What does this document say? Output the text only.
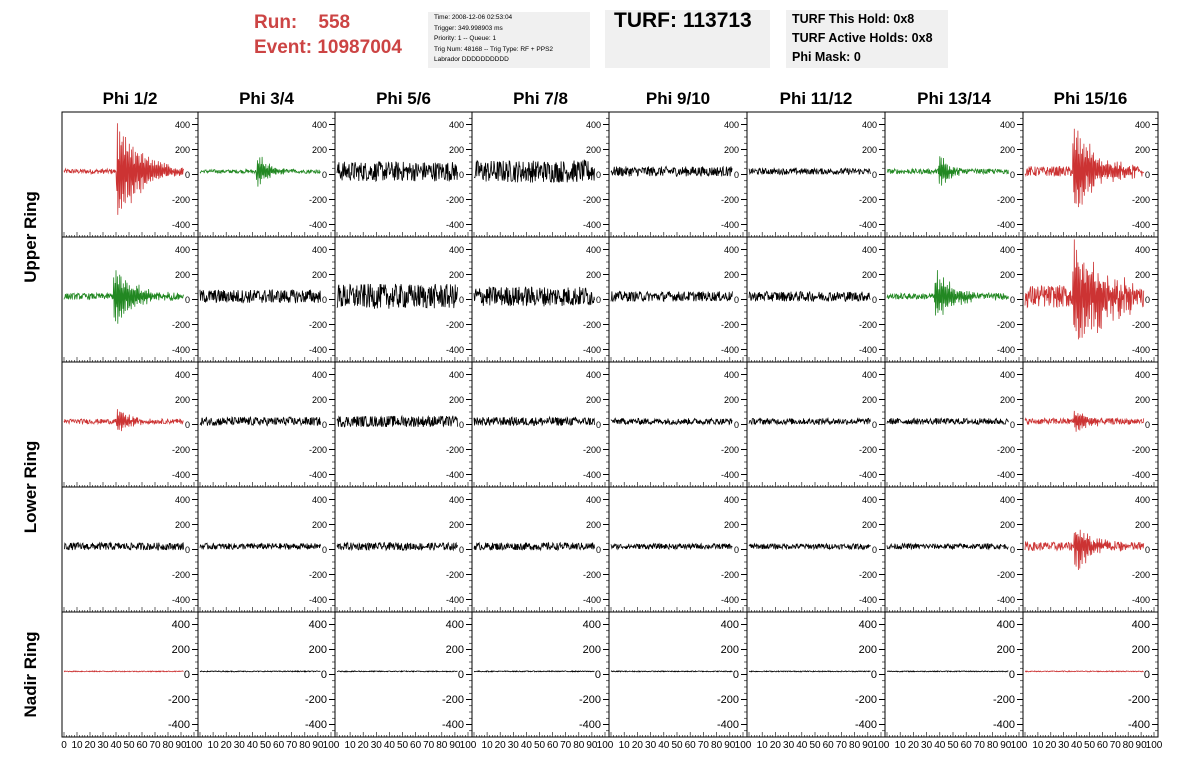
Run: 558
Event: 10987004
Time: 2008-12-06 02:53:04
Trigger: 349.998903 ms
Priority: 1 -- Queue: 1
Trig Num: 48168 -- Trig Type: RF + PPS2
Labrador DDDDDDDDDD
TURF: 113713	TURF This Hold: 0x8
TURF Active Holds: 0x8
Phi Mask: 0
Phi 1/2	Phi 3/4	Phi 5/6	Phi 7/8	Phi 9/10	Phi 11/12	Phi 13/14	Phi 15/16
Upper Ring
Lower Ring
Nadir Ring
-400
-200
0
200
400
-400
-200
0
200
400
-400
-200
0
200
400
-400
-200
0
200
400
-400
-200
0
200
400
-400
-200
0
200
400
-400
-200
0
200
400
-400
-200
0
200
400
-400
-200
0
200
400
-400
-200
0
200
400
-400
-200
0
200
400
-400
-200
0
200
400
-400
-200
0
200
400
-400
-200
0
200
400
-400
-200
0
200
400
-400
-200
0
200
400
-400
-200
0
200
400
-400
-200
0
200
400
-400
-200
0
200
400
-400
-200
0
200
400
-400
-200
0
200
400
-400
-200
0
200
400
-400
-200
0
200
400
-400
-200
0
200
400
-400
-200
0
200
400
-400
-200
0
200
400
-400
-200
0
200
400
-400
-200
0
200
400
-400
-200
0
200
400
-400
-200
0
200
400
-400
-200
0
200
400
-400
-200
0
200
400
-400
-200
0
200
400
-400
-200
0
200
400
-400
-200
0
200
400
-400
-200
0
200
400
-400
-200
0
200
400
-400
-200
0
200
400
-400
-200
0
200
400
-400
-200
0
200
400
0 10 20 30 40 50 60 70 80 90 100 10 20 30 40 50 60 70 80 90 100 10 20 30 40 50 60 70 80 90 100 10 20 30 40 50 60 70 80 90 100 10 20 30 40 50 60 70 80 90 100 10 20 30 40 50 60 70 80 90 100 10 20 30 40 50 60 70 80 90 100 10 20 30 40 50 60 70 80 90
100
